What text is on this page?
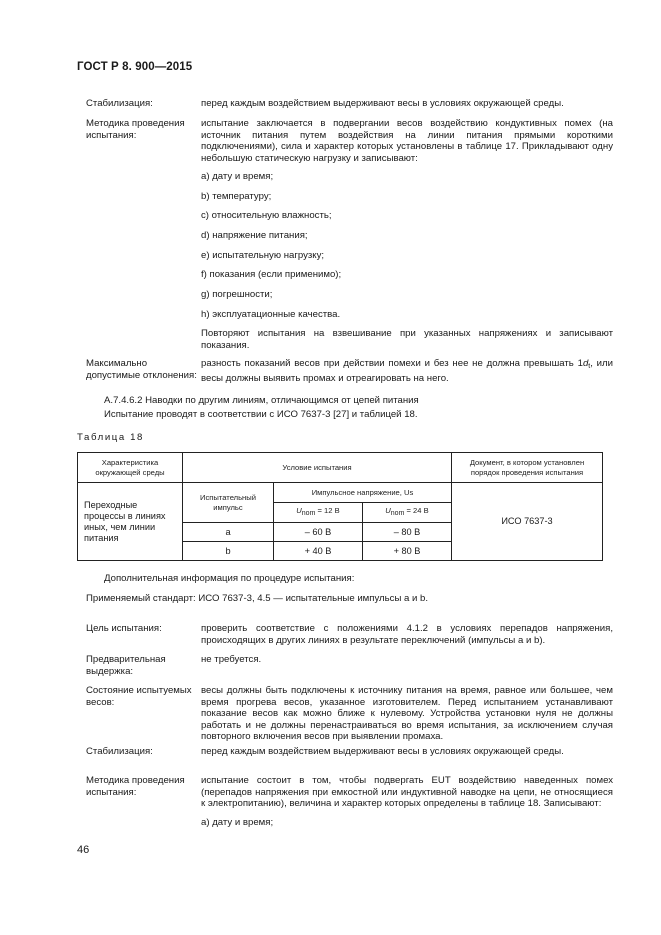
ГОСТ Р 8. 900—2015
Стабилизация:	перед каждым воздействием выдерживают весы в условиях окружающей среды.
Методика проведения испытания:
испытание заключается в подвергании весов воздействию кондуктивных помех (на источник питания путем воздействия на линии питания прямыми короткими подключениями), сила и характер которых установлены в таблице 17. Прикладывают одну небольшую статическую нагрузку и записывают:
a) дату и время;
b) температуру;
c) относительную влажность;
d) напряжение питания;
e) испытательную нагрузку;
f) показания (если применимо);
g) погрешности;
h) эксплуатационные качества.
Повторяют испытания на взвешивание при указанных напряжениях и записывают показания.
Максимально допустимые отклонения:
разность показаний весов при действии помехи и без нее не должна превышать $1d_t$, или весы должны выявить промах и отреагировать на него.
A.7.4.6.2 Наводки по другим линиям, отличающимся от цепей питания
Испытание проводят в соответствии с ИСО 7637-3 [27] и таблицей 18.
Таблица 18
Характеристика окружающей среды	Условие испытания			Документ, в котором установлен порядок проведения испытания
Переходные процессы в линиях иных, чем линии питания	Испытательный импульс	Импульсное напряжение, Us		ИСО 7637-3
		Unom = 12 В	Unom = 24 В	
	a	– 60 В	– 80 В	
	b	+ 40 В	+ 80 В	
Дополнительная информация по процедуре испытания:
Применяемый стандарт: ИСО 7637-3, 4.5 — испытательные импульсы a и b.
Цель испытания:	проверить соответствие с положениями 4.1.2 в условиях перепадов напряжения, происходящих в других линиях в результате переключений (импульсы a и b).
Предварительная выдержка:
не требуется.
Состояние испытуемых весов:
весы должны быть подключены к источнику питания на время, равное или большее, чем время прогрева весов, указанное изготовителем. Перед испытанием устанавливают показание весов как можно ближе к нулевому. Устройства установки нуля не должны работать и не должны перенастраиваться во время испытания, за исключением случая повторного включения весов при выявлении промаха.
Стабилизация:	перед каждым воздействием выдерживают весы в условиях окружающей среды.
Методика проведения испытания:
испытание состоит в том, чтобы подвергать EUT воздействию наведенных помех (перепадов напряжения при емкостной или индуктивной наводке на цепи, не относящиеся к электропитанию), величина и характер которых определены в таблице 18. Записывают:
a) дату и время;
46
